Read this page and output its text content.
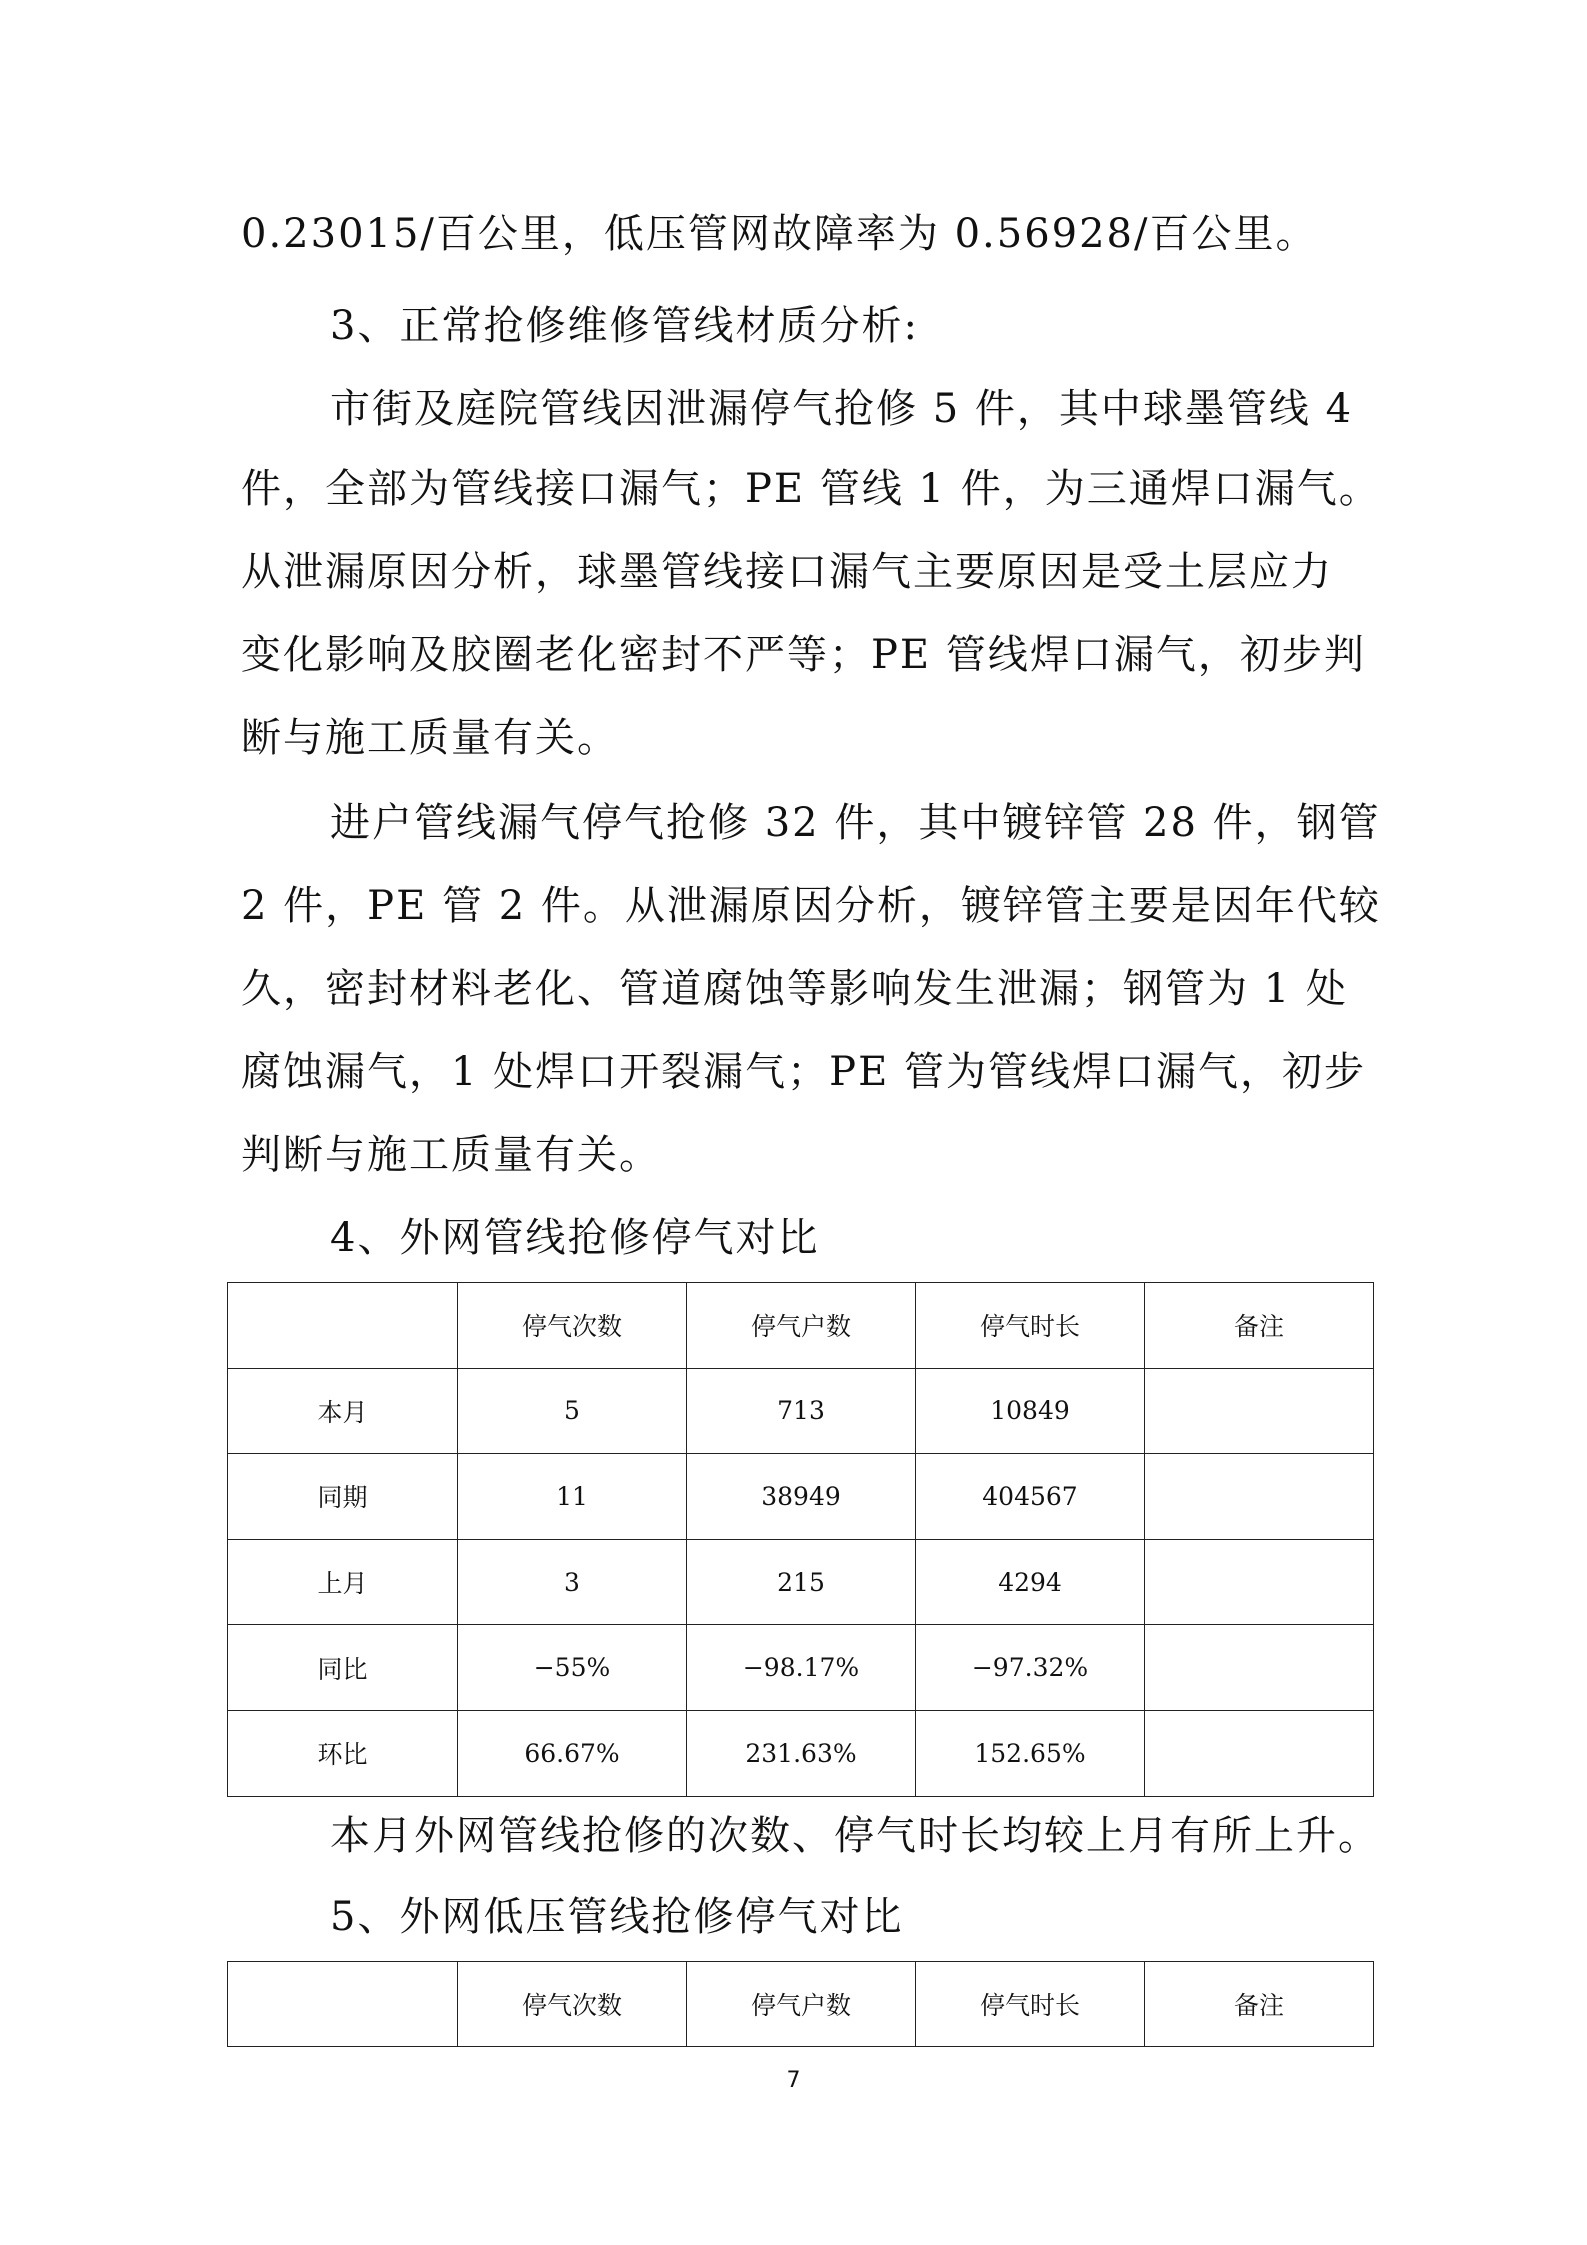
0.23015/百公里，低压管网故障率为 0.56928/百公里。
3、正常抢修维修管线材质分析:
市街及庭院管线因泄漏停气抢修 5 件，其中球墨管线 4
件，全部为管线接口漏气；PE 管线 1 件，为三通焊口漏气。
从泄漏原因分析，球墨管线接口漏气主要原因是受土层应力
变化影响及胶圈老化密封不严等；PE 管线焊口漏气，初步判
断与施工质量有关。
进户管线漏气停气抢修 32 件，其中镀锌管 28 件，钢管
2 件，PE 管 2 件。从泄漏原因分析，镀锌管主要是因年代较
久，密封材料老化、管道腐蚀等影响发生泄漏；钢管为 1 处
腐蚀漏气，1 处焊口开裂漏气；PE 管为管线焊口漏气，初步
判断与施工质量有关。
4、外网管线抢修停气对比
	停气次数	停气户数	停气时长	备注
本月	5	713	10849	
同期	11	38949	404567	
上月	3	215	4294	
同比	−55%	−98.17%	−97.32%	
环比	66.67%	231.63%	152.65%	
本月外网管线抢修的次数、停气时长均较上月有所上升。
5、外网低压管线抢修停气对比
	停气次数	停气户数	停气时长	备注
7
